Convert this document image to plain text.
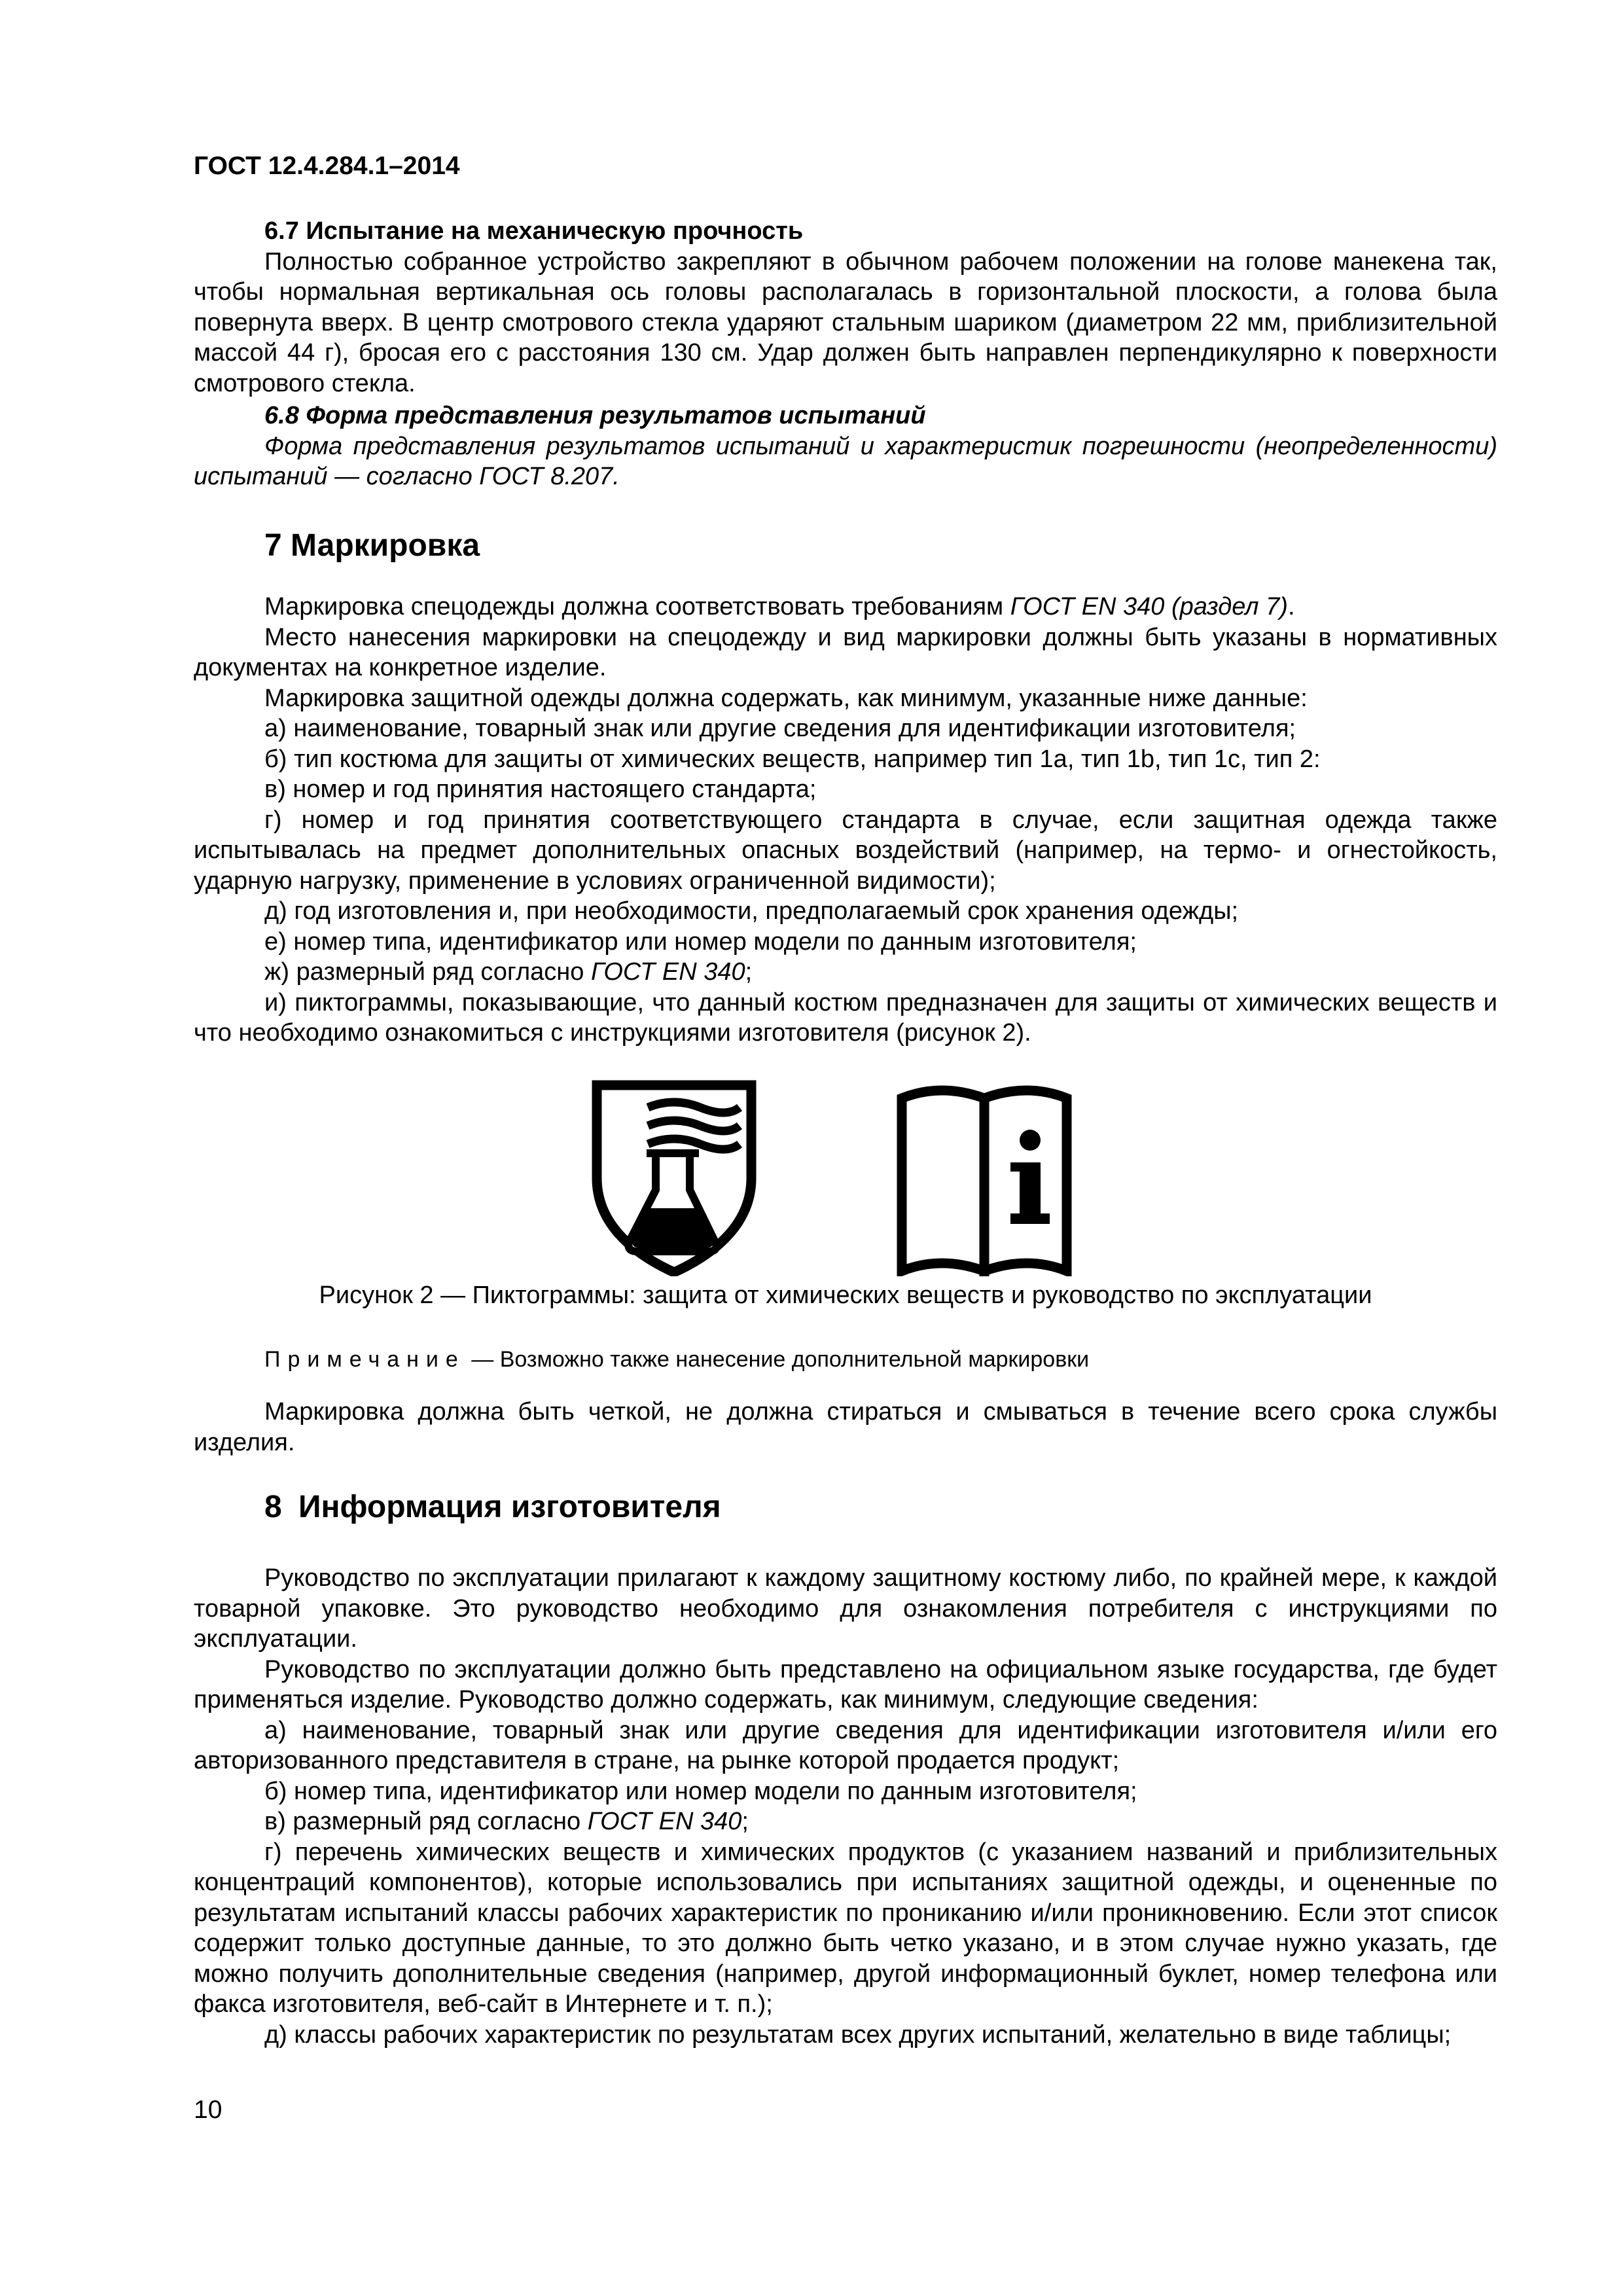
ГОСТ 12.4.284.1–2014

6.7 Испытание на механическую прочность

Полностью собранное устройство закрепляют в обычном рабочем положении на голове манекена так, чтобы нормальная вертикальная ось головы располагалась в горизонтальной плоскости, а голова была повернута вверх. В центр смотрового стекла ударяют стальным шариком (диаметром 22 мм, приблизительной массой 44 г), бросая его с расстояния 130 см. Удар должен быть направлен перпендикулярно к поверхности смотрового стекла.

6.8 Форма представления результатов испытаний

Форма представления результатов испытаний и характеристик погрешности (неопределенности) испытаний — согласно ГОСТ 8.207.

7 Маркировка

Маркировка спецодежды должна соответствовать требованиям ГОСТ EN 340 (раздел 7).

Место нанесения маркировки на спецодежду и вид маркировки должны быть указаны в нормативных документах на конкретное изделие.

Маркировка защитной одежды должна содержать, как минимум, указанные ниже данные:

а) наименование, товарный знак или другие сведения для идентификации изготовителя;

б) тип костюма для защиты от химических веществ, например тип 1а, тип 1b, тип 1c, тип 2:

в) номер и год принятия настоящего стандарта;

г) номер и год принятия соответствующего стандарта в случае, если защитная одежда также испытывалась на предмет дополнительных опасных воздействий (например, на термо- и огнестойкость, ударную нагрузку, применение в условиях ограниченной видимости);

д) год изготовления и, при необходимости, предполагаемый срок хранения одежды;

е) номер типа, идентификатор или номер модели по данным изготовителя;

ж) размерный ряд согласно ГОСТ EN 340;

и) пиктограммы, показывающие, что данный костюм предназначен для защиты от химических веществ и что необходимо ознакомиться с инструкциями изготовителя (рисунок 2).

Рисунок 2 — Пиктограммы: защита от химических веществ и руководство по эксплуатации
Примечание — Возможно также нанесение дополнительной маркировки

Маркировка должна быть четкой, не должна стираться и смываться в течение всего срока службы изделия.

8 Информация изготовителя

Руководство по эксплуатации прилагают к каждому защитному костюму либо, по крайней мере, к каждой товарной упаковке. Это руководство необходимо для ознакомления потребителя с инструкциями по эксплуатации.

Руководство по эксплуатации должно быть представлено на официальном языке государства, где будет применяться изделие. Руководство должно содержать, как минимум, следующие сведения:

а) наименование, товарный знак или другие сведения для идентификации изготовителя и/или его авторизованного представителя в стране, на рынке которой продается продукт;

б) номер типа, идентификатор или номер модели по данным изготовителя;

в) размерный ряд согласно ГОСТ EN 340;

г) перечень химических веществ и химических продуктов (с указанием названий и приблизительных концентраций компонентов), которые использовались при испытаниях защитной одежды, и оцененные по результатам испытаний классы рабочих характеристик по прониканию и/или проникновению. Если этот список содержит только доступные данные, то это должно быть четко указано, и в этом случае нужно указать, где можно получить дополнительные сведения (например, другой информационный буклет, номер телефона или факса изготовителя, веб-сайт в Интернете и т. п.);

д) классы рабочих характеристик по результатам всех других испытаний, желательно в виде таблицы;

10
